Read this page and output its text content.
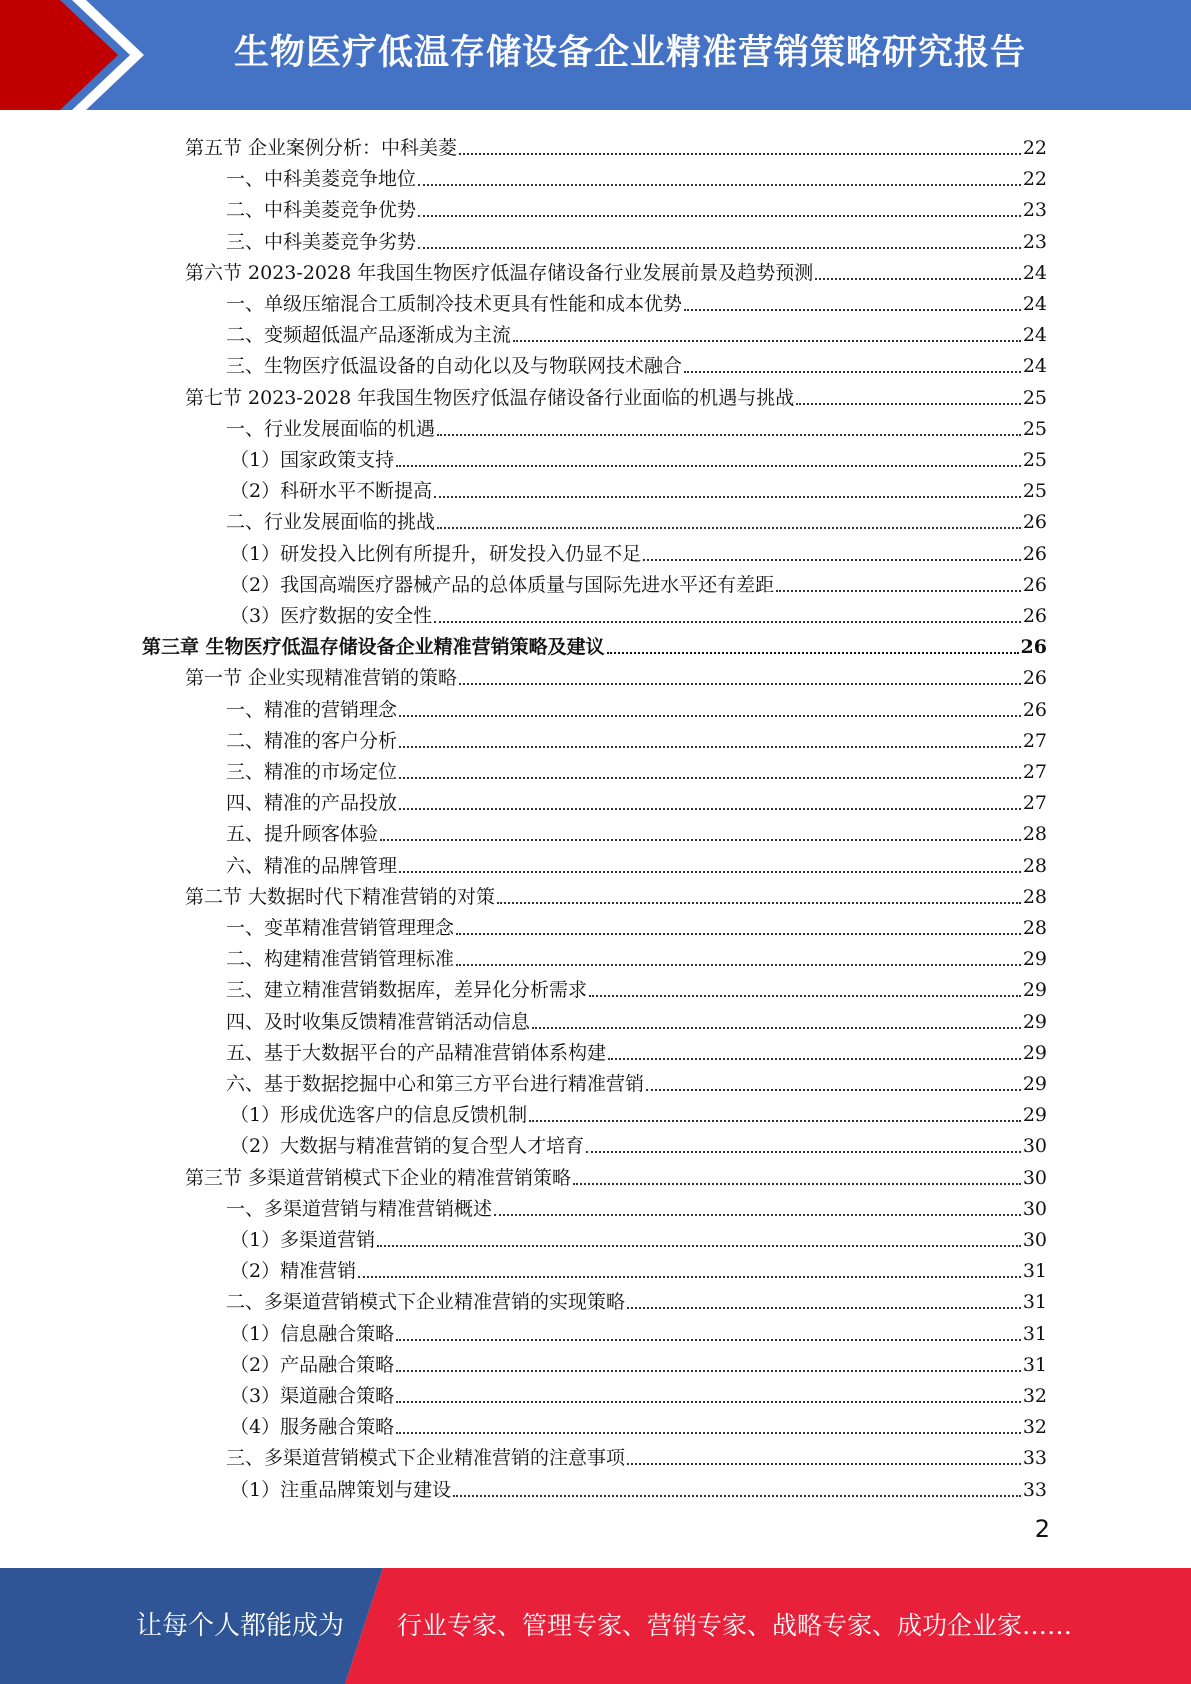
生物医疗低温存储设备企业精准营销策略研究报告
第五节 企业案例分析：中科美菱	22
一、中科美菱竞争地位	22
二、中科美菱竞争优势	23
三、中科美菱竞争劣势	23
第六节 2023-2028 年我国生物医疗低温存储设备行业发展前景及趋势预测	24
一、单级压缩混合工质制冷技术更具有性能和成本优势	24
二、变频超低温产品逐渐成为主流	24
三、生物医疗低温设备的自动化以及与物联网技术融合	24
第七节 2023-2028 年我国生物医疗低温存储设备行业面临的机遇与挑战	25
一、行业发展面临的机遇	25
（1）国家政策支持	25
（2）科研水平不断提高	25
二、行业发展面临的挑战	26
（1）研发投入比例有所提升，研发投入仍显不足	26
（2）我国高端医疗器械产品的总体质量与国际先进水平还有差距	26
（3）医疗数据的安全性	26
第三章 生物医疗低温存储设备企业精准营销策略及建议	26
第一节 企业实现精准营销的策略	26
一、精准的营销理念	26
二、精准的客户分析	27
三、精准的市场定位	27
四、精准的产品投放	27
五、提升顾客体验	28
六、精准的品牌管理	28
第二节 大数据时代下精准营销的对策	28
一、变革精准营销管理理念	28
二、构建精准营销管理标准	29
三、建立精准营销数据库，差异化分析需求	29
四、及时收集反馈精准营销活动信息	29
五、基于大数据平台的产品精准营销体系构建	29
六、基于数据挖掘中心和第三方平台进行精准营销	29
（1）形成优选客户的信息反馈机制	29
（2）大数据与精准营销的复合型人才培育	30
第三节 多渠道营销模式下企业的精准营销策略	30
一、多渠道营销与精准营销概述	30
（1）多渠道营销	30
（2）精准营销	31
二、多渠道营销模式下企业精准营销的实现策略	31
（1）信息融合策略	31
（2）产品融合策略	31
（3）渠道融合策略	32
（4）服务融合策略	32
三、多渠道营销模式下企业精准营销的注意事项	33
（1）注重品牌策划与建设	33
2
让每个人都能成为	行业专家、管理专家、营销专家、战略专家、成功企业家……
